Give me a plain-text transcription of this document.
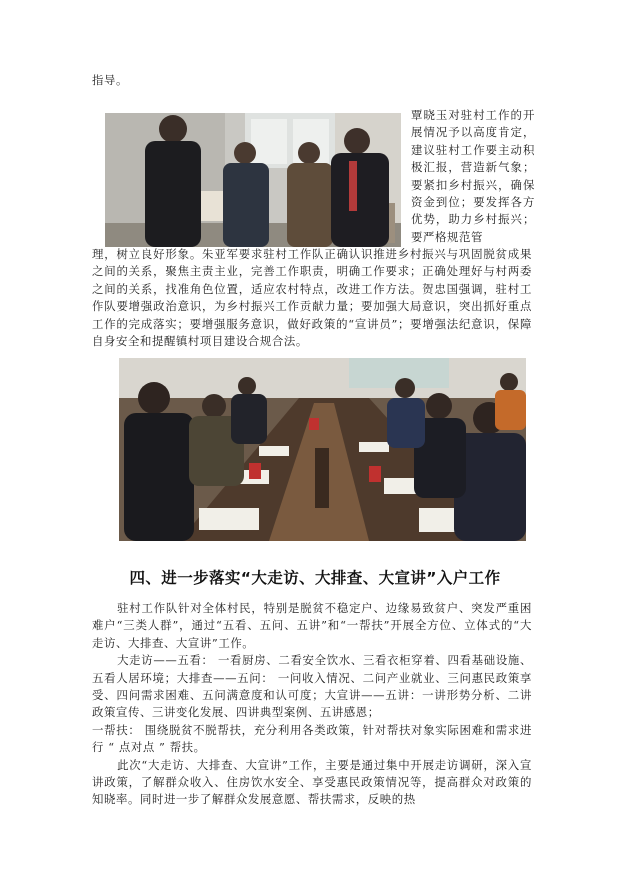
指导。
覃晓玉对驻村工作的开展情况予以高度肯定，建议驻村工作要主动积极汇报，营造新气象；要紧扣乡村振兴，确保资金到位；要发挥各方优势，助力乡村振兴；要严格规范管
理，树立良好形象。朱亚军要求驻村工作队正确认识推进乡村振兴与巩固脱贫成果之间的关系，聚焦主责主业，完善工作职责，明确工作要求；正确处理好与村两委之间的关系，找准角色位置，适应农村特点，改进工作方法。贺忠国强调，驻村工作队要增强政治意识，为乡村振兴工作贡献力量；要加强大局意识，突出抓好重点工作的完成落实；要增强服务意识，做好政策的“宣讲员”；要增强法纪意识，保障自身安全和提醒镇村项目建设合规合法。
四、进一步落实“大走访、大排查、大宣讲”入户工作

驻村工作队针对全体村民，特别是脱贫不稳定户、边缘易致贫户、突发严重困难户“三类人群”，通过“五看、五问、五讲”和“一帮扶”开展全方位、立体式的“大走访、大排查、大宣讲”工作。

大走访——五看： 一看厨房、二看安全饮水、三看衣柜穿着、四看基础设施、 五看人居环境；大排查——五问： 一问收入情况、二问产业就业、三问惠民政策享受、四问需求困难、五问满意度和认可度；大宣讲——五讲：一讲形势分析、二讲政策宣传、三讲变化发展、四讲典型案例、五讲感恩；

一帮扶： 围绕脱贫不脱帮扶，充分利用各类政策，针对帮扶对象实际困难和需求进行 “ 点对点 ” 帮扶。

此次“大走访、大排查、大宣讲”工作，主要是通过集中开展走访调研，深入宣讲政策，了解群众收入、住房饮水安全、享受惠民政策情况等，提高群众对政策的知晓率。同时进一步了解群众发展意愿、帮扶需求，反映的热
